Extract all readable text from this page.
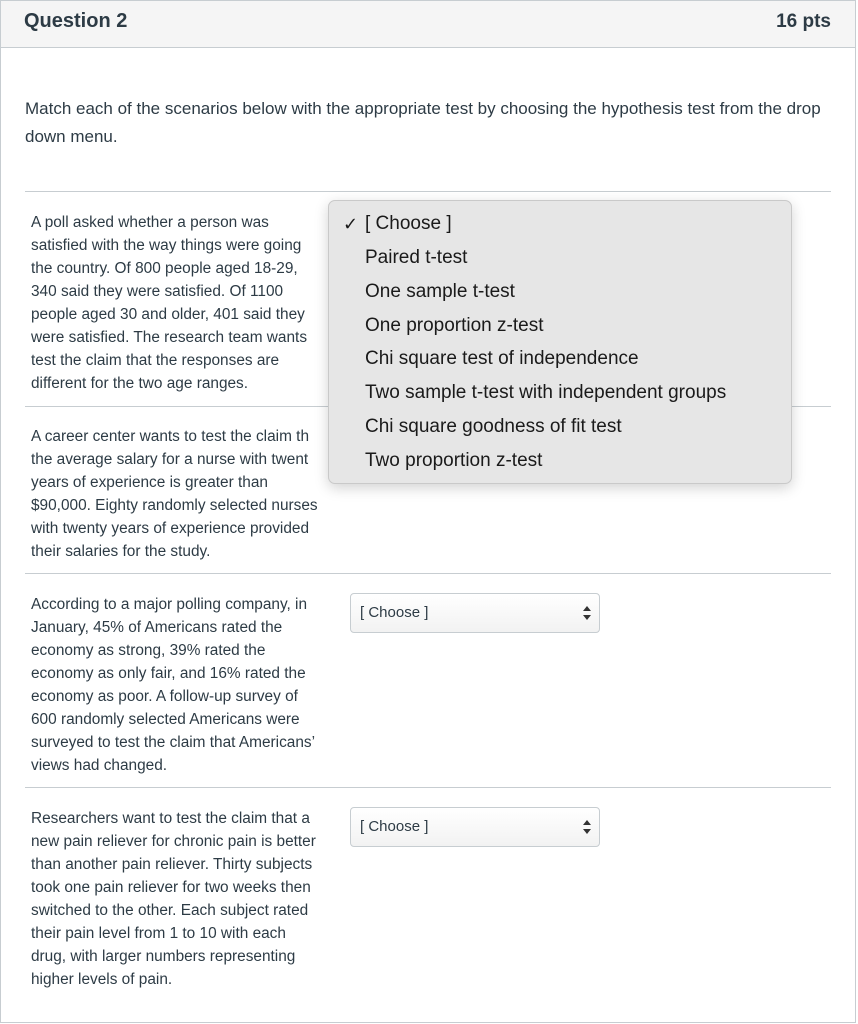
Question 2	16 pts
Match each of the scenarios below with the appropriate test by choosing the hypothesis test from the drop down menu.
A poll asked whether a person was
satisfied with the way things were going
the country. Of 800 people aged 18-29,
340 said they were satisfied. Of 1100
people aged 30 and older, 401 said they
were satisfied. The research team wants
test the claim that the responses are
different for the two age ranges.
A career center wants to test the claim th
the average salary for a nurse with twent
years of experience is greater than
$90,000. Eighty randomly selected nurses
with twenty years of experience provided
their salaries for the study.
According to a major polling company, in
January, 45% of Americans rated the
economy as strong, 39% rated the
economy as only fair, and 16% rated the
economy as poor. A follow-up survey of
600 randomly selected Americans were
surveyed to test the claim that Americans’
views had changed.
[ Choose ]
Researchers want to test the claim that a
new pain reliever for chronic pain is better
than another pain reliever. Thirty subjects
took one pain reliever for two weeks then
switched to the other. Each subject rated
their pain level from 1 to 10 with each
drug, with larger numbers representing
higher levels of pain.
[ Choose ]
✓ [ Choose ]
Paired t-test
One sample t-test
One proportion z-test
Chi square test of independence
Two sample t-test with independent groups
Chi square goodness of fit test
Two proportion z-test
